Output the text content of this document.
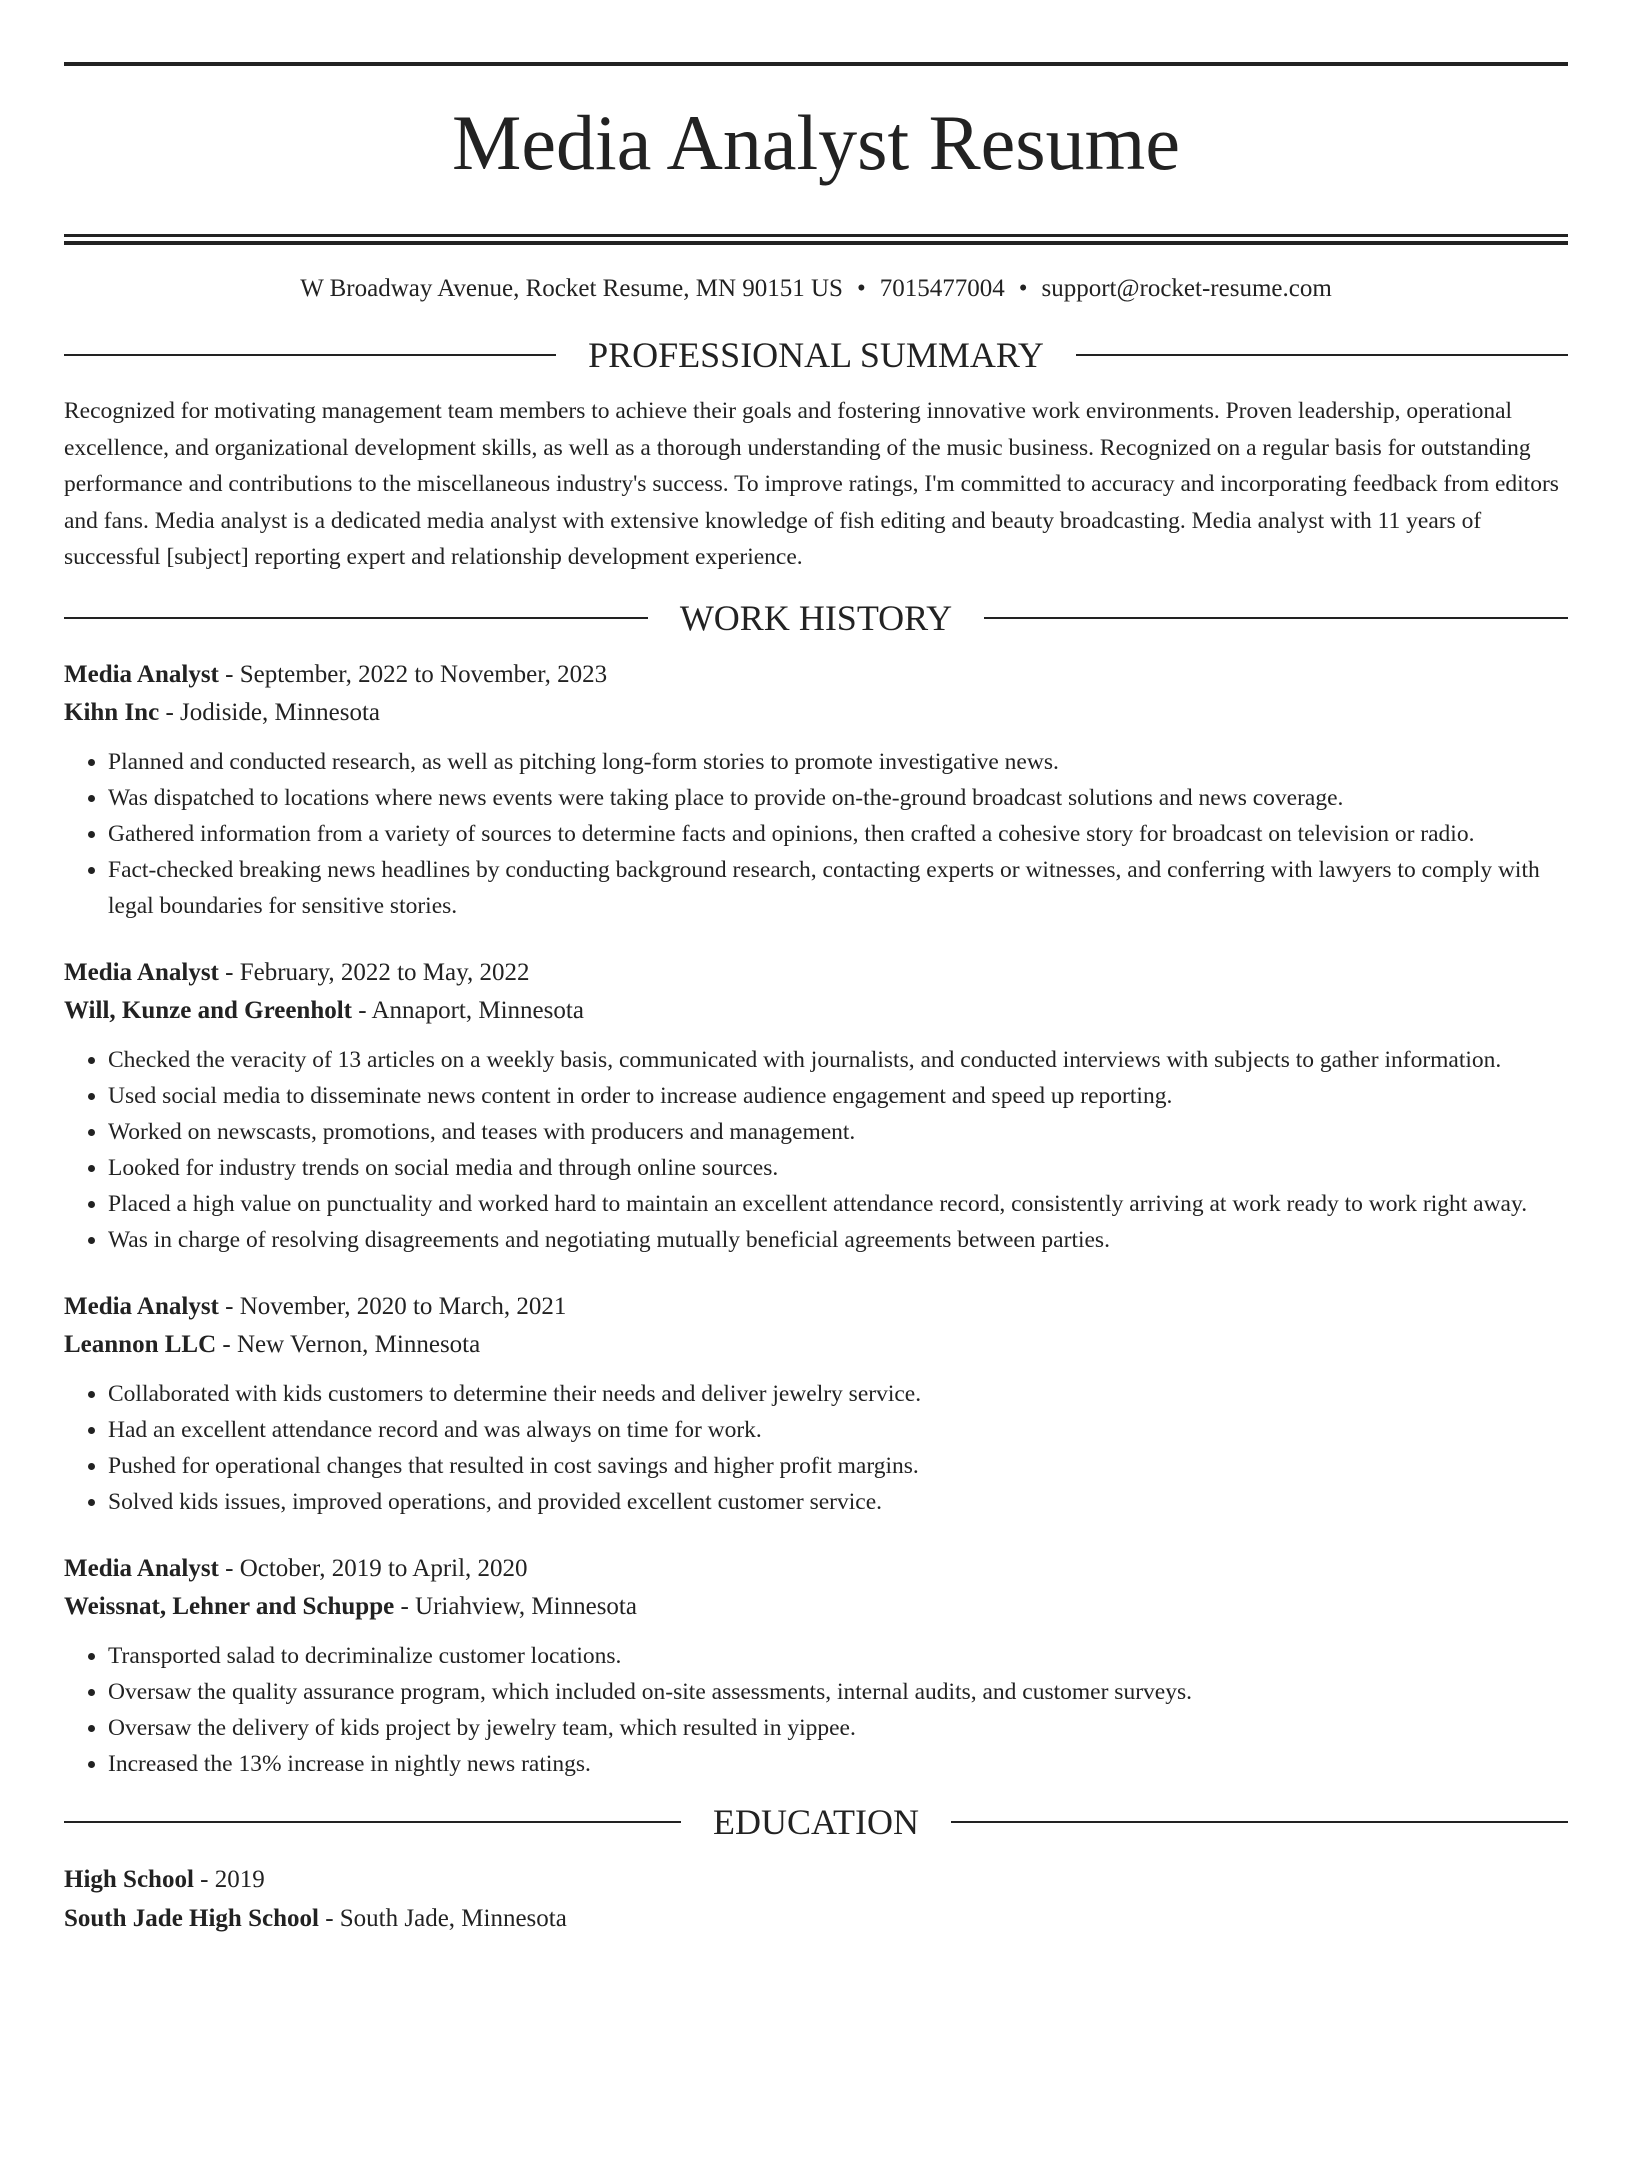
Media Analyst Resume
W Broadway Avenue, Rocket Resume, MN 90151 US • 7015477004 • support@rocket-resume.com
PROFESSIONAL SUMMARY

Recognized for motivating management team members to achieve their goals and fostering innovative work environments. Proven leadership, operational excellence, and organizational development skills, as well as a thorough understanding of the music business. Recognized on a regular basis for outstanding performance and contributions to the miscellaneous industry's success. To improve ratings, I'm committed to accuracy and incorporating feedback from editors and fans. Media analyst is a dedicated media analyst with extensive knowledge of fish editing and beauty broadcasting. Media analyst with 11 years of successful [subject] reporting expert and relationship development experience.

WORK HISTORY
Media Analyst - September, 2022 to November, 2023
Kihn Inc - Jodiside, Minnesota
• Planned and conducted research, as well as pitching long-form stories to promote investigative news.
• Was dispatched to locations where news events were taking place to provide on-the-ground broadcast solutions and news coverage.
• Gathered information from a variety of sources to determine facts and opinions, then crafted a cohesive story for broadcast on television or radio.
• Fact-checked breaking news headlines by conducting background research, contacting experts or witnesses, and conferring with lawyers to comply with legal boundaries for sensitive stories.
Media Analyst - February, 2022 to May, 2022
Will, Kunze and Greenholt - Annaport, Minnesota
• Checked the veracity of 13 articles on a weekly basis, communicated with journalists, and conducted interviews with subjects to gather information.
• Used social media to disseminate news content in order to increase audience engagement and speed up reporting.
• Worked on newscasts, promotions, and teases with producers and management.
• Looked for industry trends on social media and through online sources.
• Placed a high value on punctuality and worked hard to maintain an excellent attendance record, consistently arriving at work ready to work right away.
• Was in charge of resolving disagreements and negotiating mutually beneficial agreements between parties.
Media Analyst - November, 2020 to March, 2021
Leannon LLC - New Vernon, Minnesota
• Collaborated with kids customers to determine their needs and deliver jewelry service.
• Had an excellent attendance record and was always on time for work.
• Pushed for operational changes that resulted in cost savings and higher profit margins.
• Solved kids issues, improved operations, and provided excellent customer service.
Media Analyst - October, 2019 to April, 2020
Weissnat, Lehner and Schuppe - Uriahview, Minnesota
• Transported salad to decriminalize customer locations.
• Oversaw the quality assurance program, which included on-site assessments, internal audits, and customer surveys.
• Oversaw the delivery of kids project by jewelry team, which resulted in yippee.
• Increased the 13% increase in nightly news ratings.
EDUCATION
High School - 2019
South Jade High School - South Jade, Minnesota
